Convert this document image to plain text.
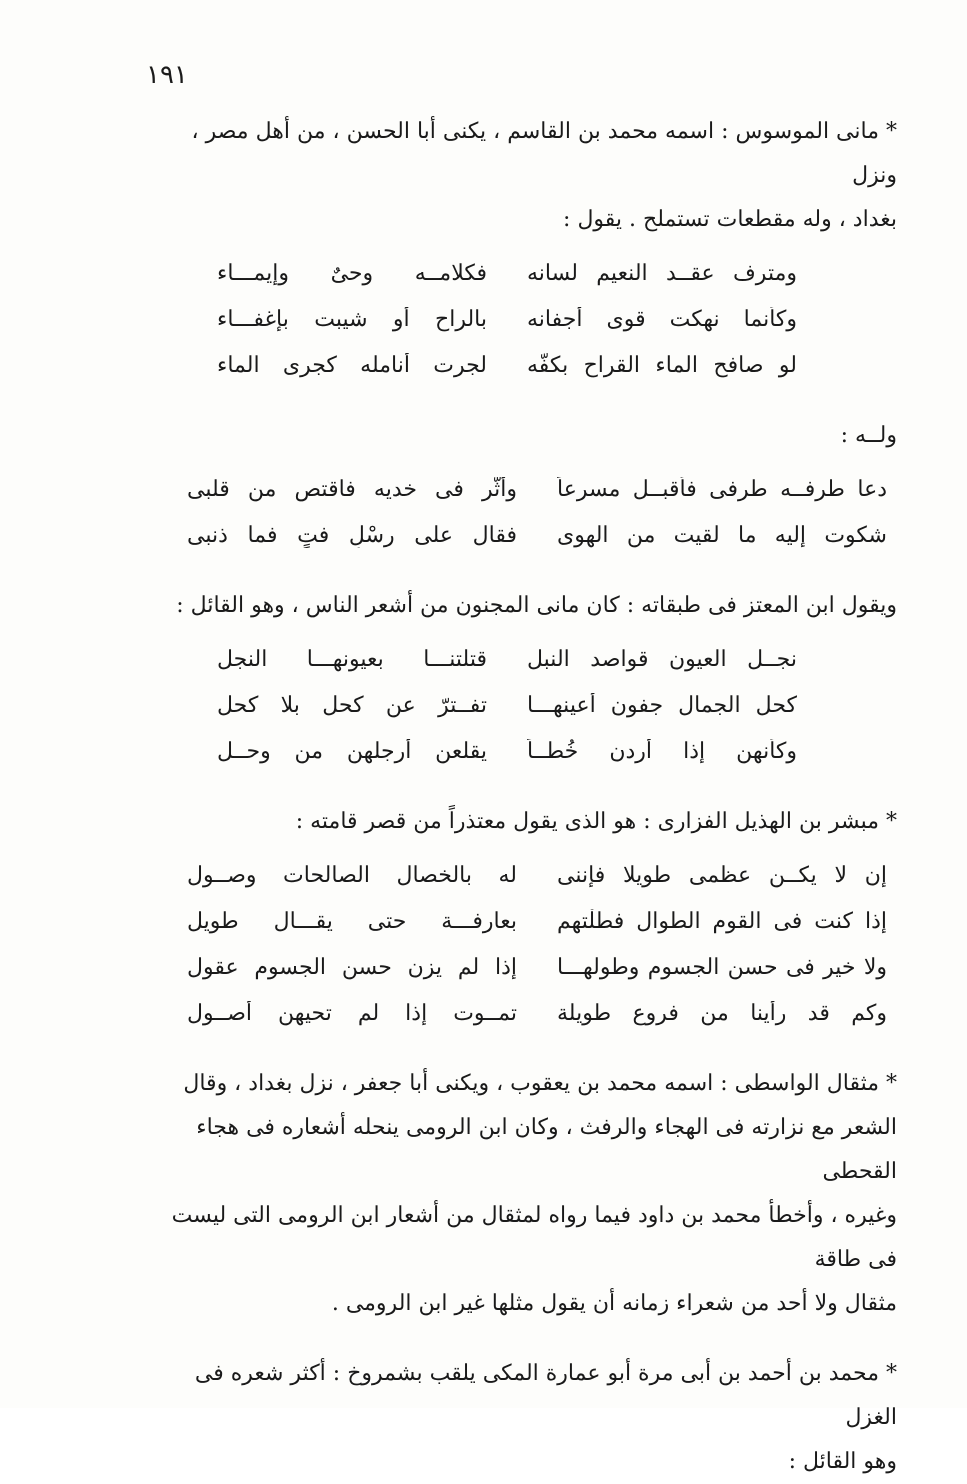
١٩١

* مانى الموسوس : اسمه محمد بن القاسم ، يكنى أبا الحسن ، من أهل مصر ، ونزل

بغداد ، وله مقطعات تستملح . يقول :

ومترف عقــد النعيم لسانه
فكلامــه وحىٌ وإيمـــاء
وكأنما نهكت قوى أجفانه
بالراح أو شيبت بإغفـــاء
لو صافح الماء القراح بكفّه
لجرت أنامله كجرى الماء

ولــه :

دعا طرفــه طرفى فأقبــل مسرعاً
وأثّر فى خديه فاقتص من قلبى
شكوت إليه ما لقيت من الهوى
فقال على رسْلِ فتٍ فما ذنبى

ويقول ابن المعتز فى طبقاته : كان مانى المجنون من أشعر الناس ، وهو القائل :

نجــل العيون قواصد النبل
قتلتنـــا بعيونهـــا النجل
كحل الجمال جفون أعينهـــا
تفــترّ عن كحل بلا كحل
وكأنهن إذا أردن خُطــاً
يقلعن أرجلهن من وحــل

* مبشر بن الهذيل الفزارى : هو الذى يقول معتذراً من قصر قامته :

إن لا يكــن عظمى طويلا فإننى
له بالخصال الصالحات وصــول
إذا كنت فى القوم الطوال فطلْتهم
بعارفـــة حتى يقـــال طويل
ولا خير فى حسن الجسوم وطولهـــا
إذا لم يزن حسن الجسوم عقول
وكم قد رأينا من فروع طويلة
تمــوت إذا لم تحيهن أصــول

* مثقال الواسطى : اسمه محمد بن يعقوب ، ويكنى أبا جعفر ، نزل بغداد ، وقال

الشعر مع نزارته فى الهجاء والرفث ، وكان ابن الرومى ينحله أشعاره فى هجاء القحطى

وغيره ، وأخطأ محمد بن داود فيما رواه لمثقال من أشعار ابن الرومى التى ليست فى طاقة

مثقال ولا أحد من شعراء زمانه أن يقول مثلها غير ابن الرومى .

* محمد بن أحمد بن أبى مرة أبو عمارة المكى يلقب بشمروخ : أكثر شعره فى الغزل

وهو القائل :
